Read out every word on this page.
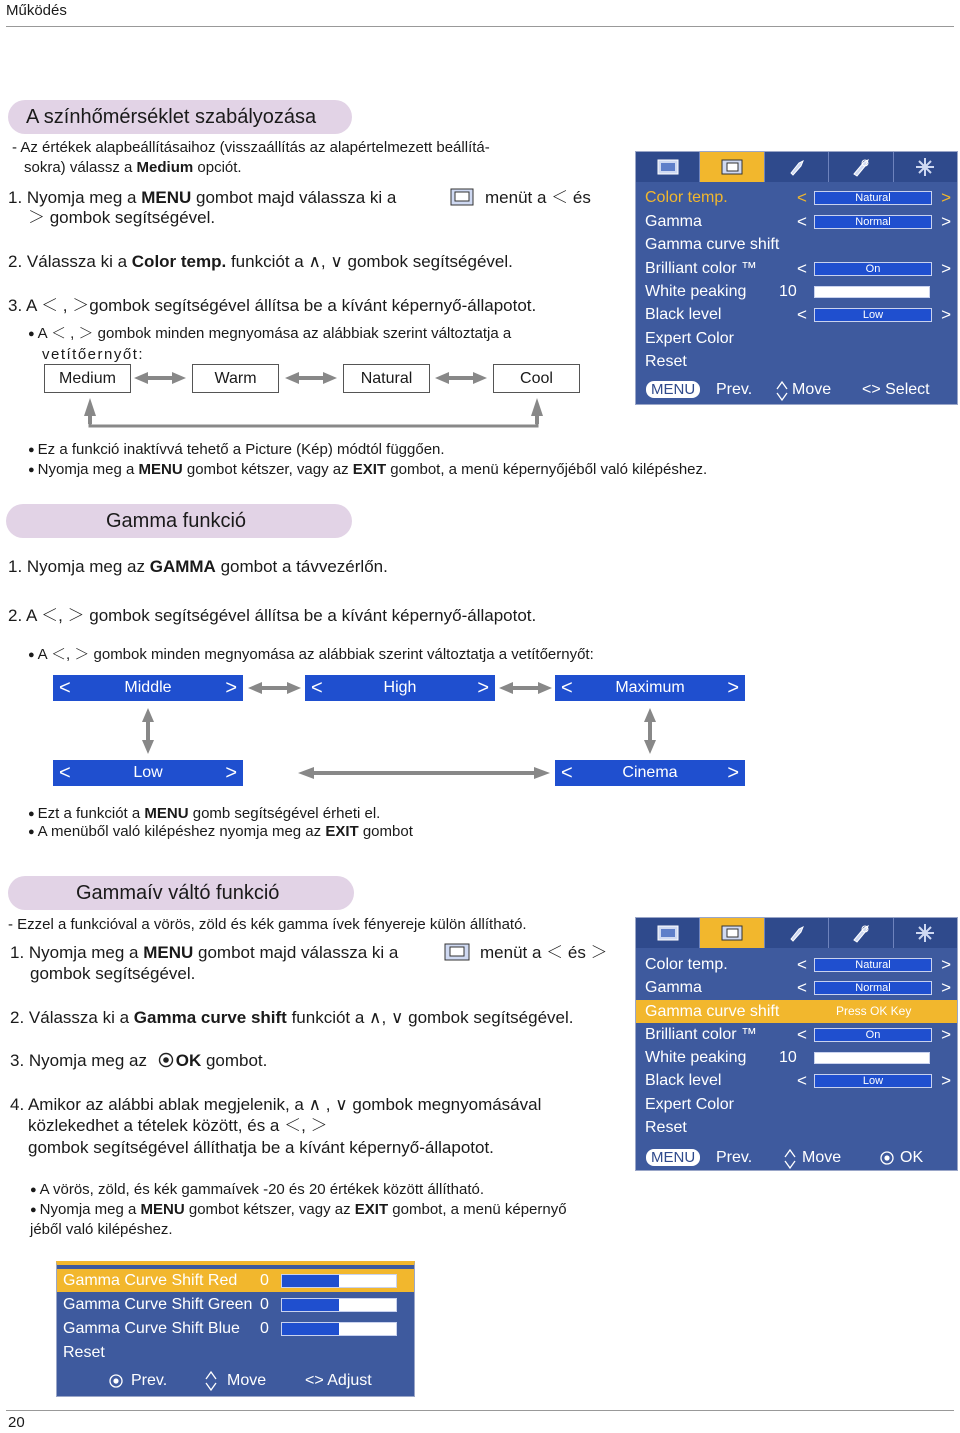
Működés
A színhőmérséklet szabályozása
- Az értékek alapbeállításaihoz (visszaállítás az alapértelmezett beállítá-
sokra) válassz a Medium opciót.
1. Nyomja meg a MENU gombot majd válassza ki a	menüt a ＜ és
＞ gombok segítségével.
2. Válassza ki a Color temp. funkciót a ∧, ∨ gombok segítségével.
3. A ＜ , ＞gombok segítségével állítsa be a kívánt képernyő-állapotot.
● A ＜ , ＞ gombok minden megnyomása az alábbiak szerint változtatja a
vetítőernyőt:
Medium	Warm	Natural	Cool
Color temp.	<	Natural	>
Gamma	<	Normal	>
Gamma curve shift
Brilliant color ™ <	On	>
White peaking 10
Black level	<	Low	>
Expert Color
Reset
MENU	Prev. Move <> Select
● Ez a funkció inaktívvá tehető a Picture (Kép) módtól függően.
● Nyomja meg a MENU gombot kétszer, vagy az EXIT gombot, a menü képernyőjéből való kilépéshez.
Gamma funkció
1. Nyomja meg az GAMMA gombot a távvezérlőn.
2. A ＜, ＞ gombok segítségével állítsa be a kívánt képernyő-állapotot.
● A ＜, ＞ gombok minden megnyomása az alábbiak szerint változtatja a vetítőernyőt:
<	Middle	>	<	High	>	<	Maximum >
<	Low	>	<	Cinema >
● Ezt a funkciót a MENU gomb segítségével érheti el.
● A menüből való kilépéshez nyomja meg az EXIT gombot
Gammaív váltó funkció
- Ezzel a funkcióval a vörös, zöld és kék gamma ívek fényereje külön állítható.
1. Nyomja meg a MENU gombot majd válassza ki a	menüt a ＜ és ＞
gombok segítségével.
2. Válassza ki a Gamma curve shift funkciót a ∧, ∨ gombok segítségével.
3. Nyomja meg az OK gombot.
4. Amikor az alábbi ablak megjelenik, a ∧ , ∨ gombok megnyomásával
közlekedhet a tételek között, és a ＜, ＞
gombok segítségével állíthatja be a kívánt képernyő-állapotot.
● A vörös, zöld, és kék gammaívek -20 és 20 értékek között állítható.
● Nyomja meg a MENU gombot kétszer, vagy az EXIT gombot, a menü képernyő
jéből való kilépéshez.
Color temp.	<	Natural	>
Gamma	<	Normal	>
Gamma curve shift	Press OK Key
Brilliant color ™ <	On	>
White peaking 10
Black level	<	Low	>
Expert Color
Reset
MENU	Prev.	Move	OK
Gamma Curve Shift Red 0
Gamma Curve Shift Green 0
Gamma Curve Shift Blue 0
Reset
Prev.	Move <> Adjust
20
